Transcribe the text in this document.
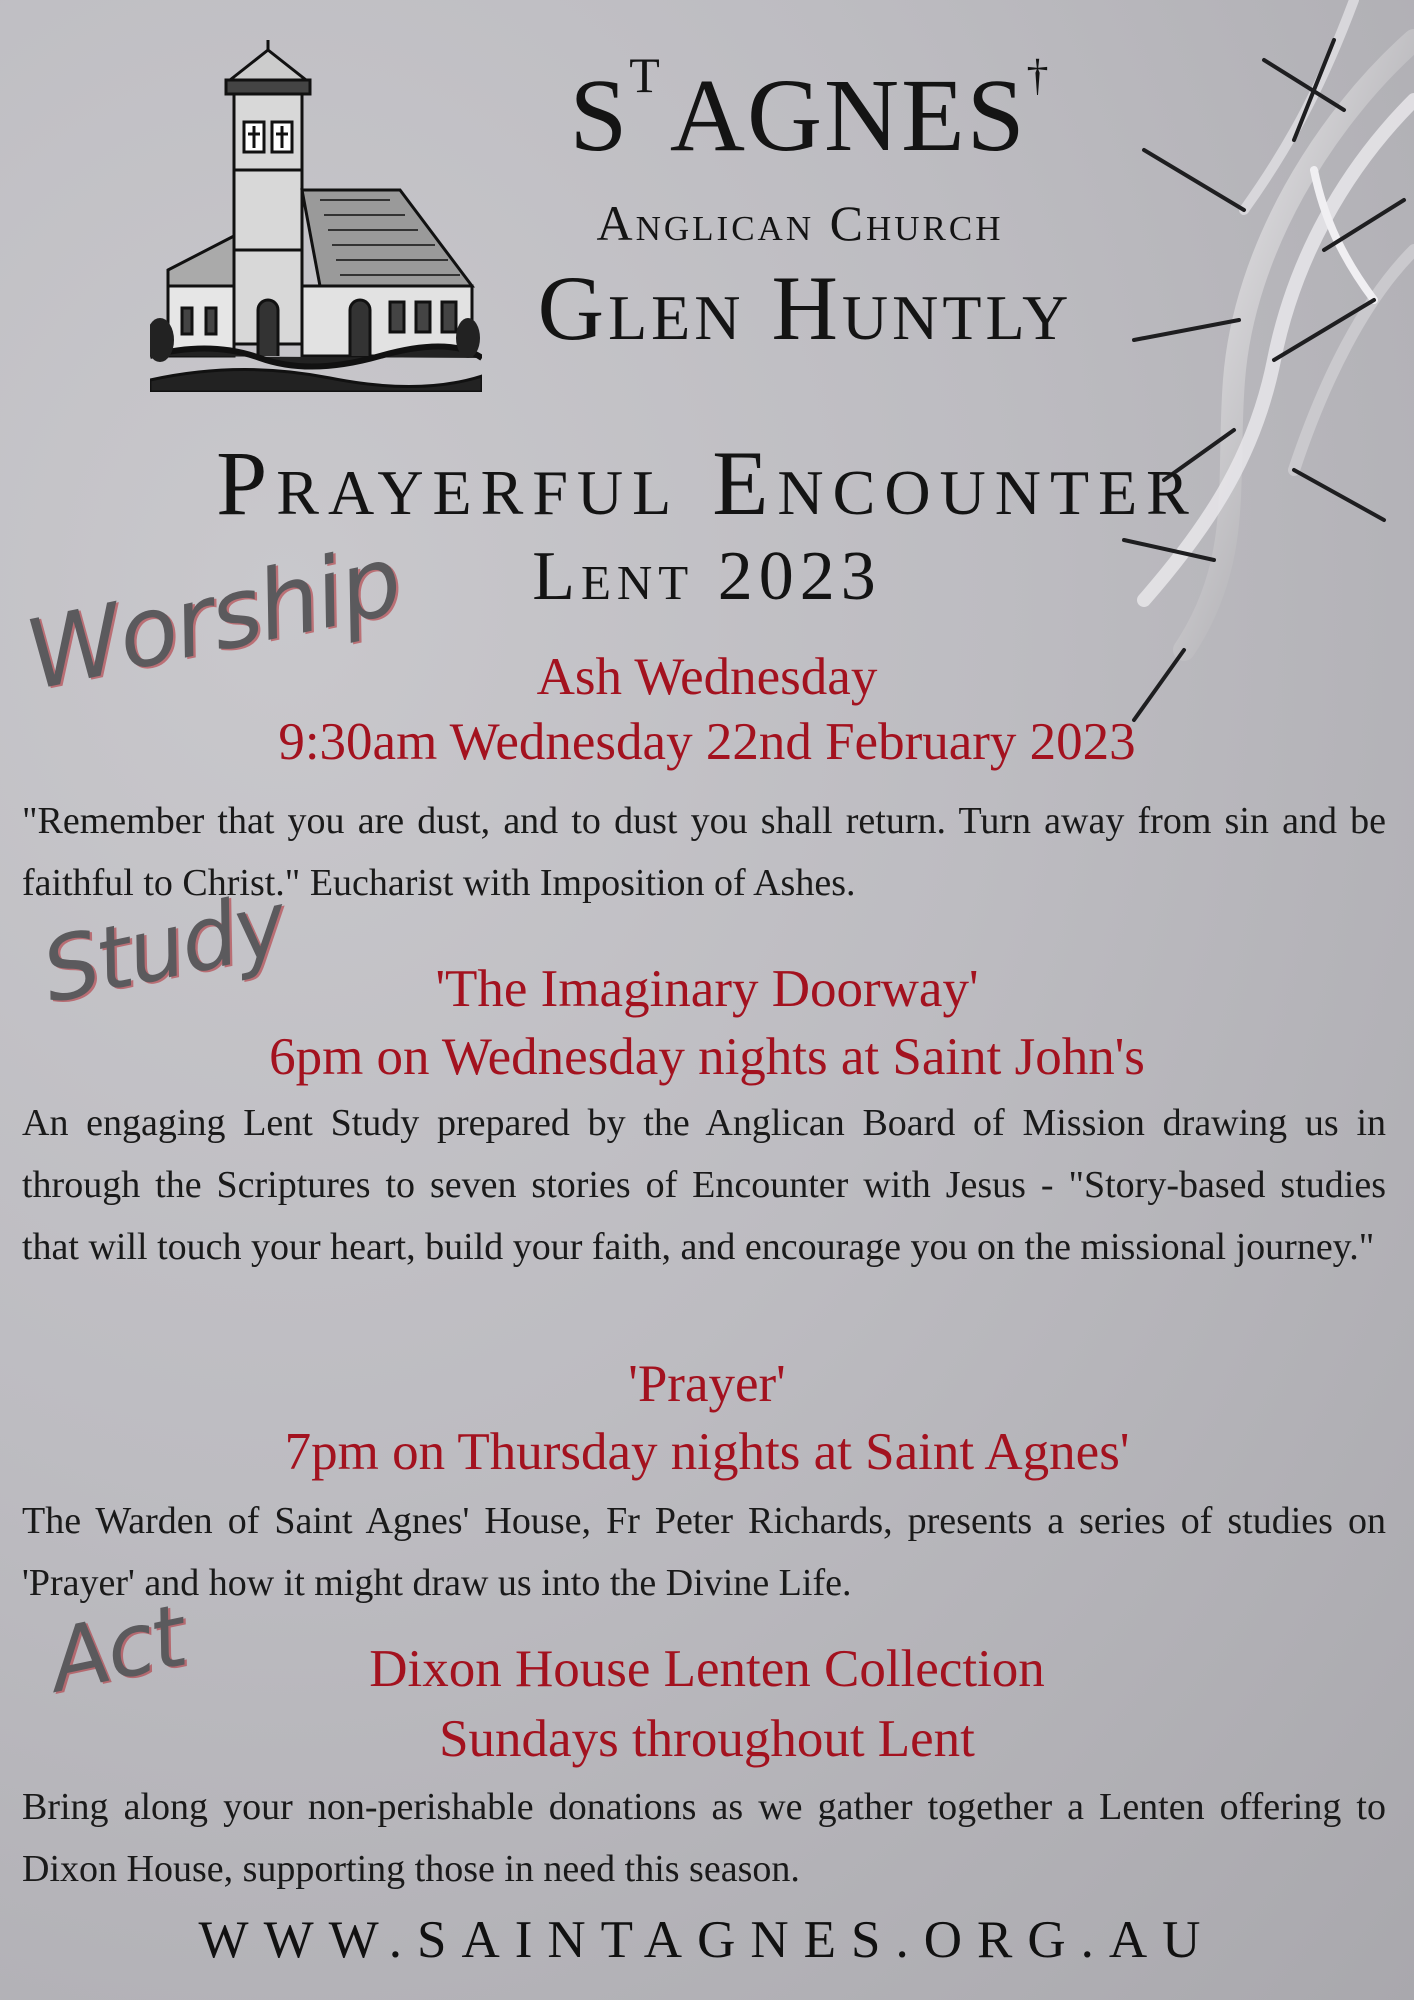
$S^TAGNES^\dagger$
Anglican Church
Glen Huntly
Prayerful Encounter
Lent 2023
Worship	Ash Wednesday
9:30am Wednesday 22nd February 2023
"Remember that you are dust, and to dust you shall return. Turn away from sin and be faithful to Christ." Eucharist with Imposition of Ashes.
Study	'The Imaginary Doorway'
6pm on Wednesday nights at Saint John's
An engaging Lent Study prepared by the Anglican Board of Mission drawing us in through the Scriptures to seven stories of Encounter with Jesus - "Story-based studies that will touch your heart, build your faith, and encourage you on the missional journey."
'Prayer'
7pm on Thursday nights at Saint Agnes'
The Warden of Saint Agnes' House, Fr Peter Richards, presents a series of studies on 'Prayer' and how it might draw us into the Divine Life.
Act	Dixon House Lenten Collection
Sundays throughout Lent
Bring along your non-perishable donations as we gather together a Lenten offering to Dixon House, supporting those in need this season.
WWW.SAINTAGNES.ORG.AU
